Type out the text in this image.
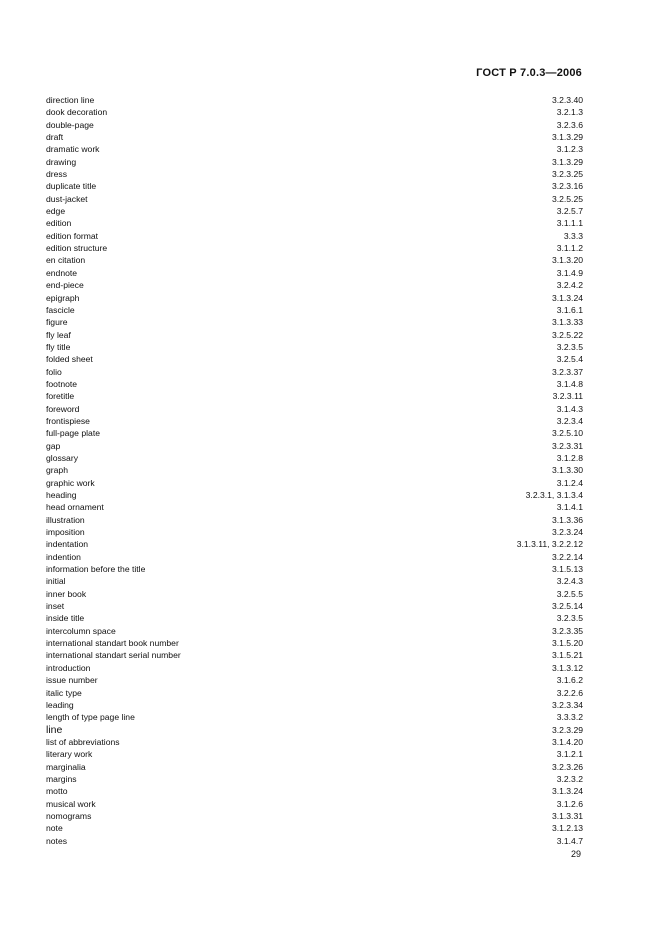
ГОСТ Р 7.0.3—2006
direction line	3.2.3.40
dook decoration	3.2.1.3
double-page	3.2.3.6
draft	3.1.3.29
dramatic work	3.1.2.3
drawing	3.1.3.29
dress	3.2.3.25
duplicate title	3.2.3.16
dust-jacket	3.2.5.25
edge	3.2.5.7
edition	3.1.1.1
edition format	3.3.3
edition structure	3.1.1.2
en citation	3.1.3.20
endnote	3.1.4.9
end-piece	3.2.4.2
epigraph	3.1.3.24
fascicle	3.1.6.1
figure	3.1.3.33
fly leaf	3.2.5.22
fly title	3.2.3.5
folded sheet	3.2.5.4
folio	3.2.3.37
footnote	3.1.4.8
foretitle	3.2.3.11
foreword	3.1.4.3
frontispiese	3.2.3.4
full-page plate	3.2.5.10
gap	3.2.3.31
glossary	3.1.2.8
graph	3.1.3.30
graphic work	3.1.2.4
heading	3.2.3.1, 3.1.3.4
head ornament	3.1.4.1
illustration	3.1.3.36
imposition	3.2.3.24
indentation	3.1.3.11, 3.2.2.12
indention	3.2.2.14
information before the title	3.1.5.13
initial	3.2.4.3
inner book	3.2.5.5
inset	3.2.5.14
inside title	3.2.3.5
intercolumn space	3.2.3.35
international standart book number	3.1.5.20
international standart serial number	3.1.5.21
introduction	3.1.3.12
issue number	3.1.6.2
italic type	3.2.2.6
leading	3.2.3.34
length of type page line	3.3.3.2
line	3.2.3.29
list of abbreviations	3.1.4.20
literary work	3.1.2.1
marginalia	3.2.3.26
margins	3.2.3.2
motto	3.1.3.24
musical work	3.1.2.6
nomograms	3.1.3.31
note	3.1.2.13
notes	3.1.4.7
29
